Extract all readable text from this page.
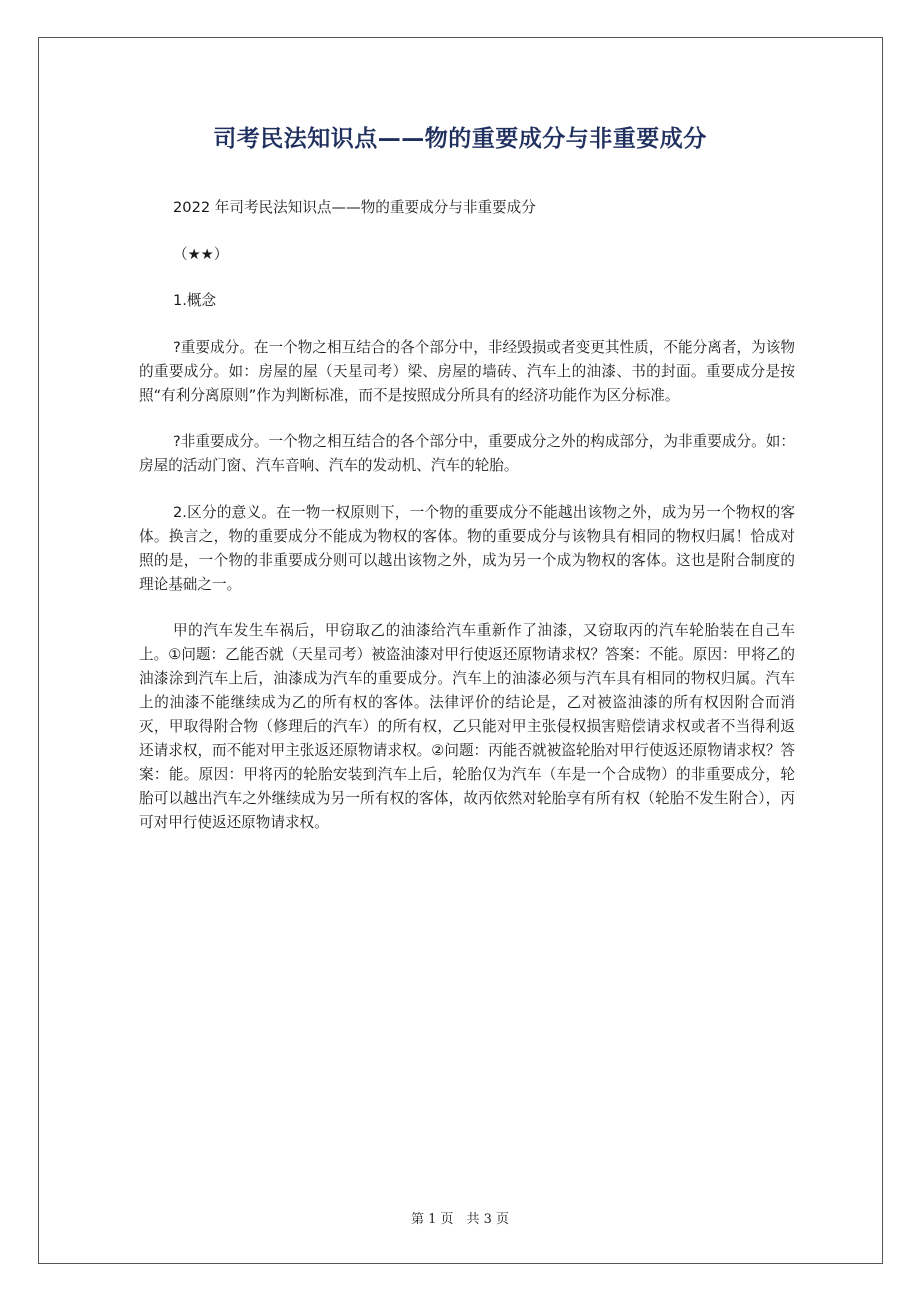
司考民法知识点——物的重要成分与非重要成分

2022 年司考民法知识点——物的重要成分与非重要成分

（★★）

1.概念

?重要成分。在一个物之相互结合的各个部分中，非经毁损或者变更其性质，不能分离者，为该物的重要成分。如：房屋的屋（天星司考）梁、房屋的墙砖、汽车上的油漆、书的封面。重要成分是按照“有利分离原则”作为判断标准，而不是按照成分所具有的经济功能作为区分标准。

?非重要成分。一个物之相互结合的各个部分中，重要成分之外的构成部分，为非重要成分。如：房屋的活动门窗、汽车音响、汽车的发动机、汽车的轮胎。

2.区分的意义。在一物一权原则下，一个物的重要成分不能越出该物之外，成为另一个物权的客体。换言之，物的重要成分不能成为物权的客体。物的重要成分与该物具有相同的物权归属！恰成对照的是，一个物的非重要成分则可以越出该物之外，成为另一个成为物权的客体。这也是附合制度的理论基础之一。

甲的汽车发生车祸后，甲窃取乙的油漆给汽车重新作了油漆，又窃取丙的汽车轮胎装在自己车上。①问题：乙能否就（天星司考）被盗油漆对甲行使返还原物请求权？答案：不能。原因：甲将乙的油漆涂到汽车上后，油漆成为汽车的重要成分。汽车上的油漆必须与汽车具有相同的物权归属。汽车上的油漆不能继续成为乙的所有权的客体。法律评价的结论是，乙对被盗油漆的所有权因附合而消灭，甲取得附合物（修理后的汽车）的所有权，乙只能对甲主张侵权损害赔偿请求权或者不当得利返还请求权，而不能对甲主张返还原物请求权。②问题：丙能否就被盗轮胎对甲行使返还原物请求权？答案：能。原因：甲将丙的轮胎安装到汽车上后，轮胎仅为汽车（车是一个合成物）的非重要成分，轮胎可以越出汽车之外继续成为另一所有权的客体，故丙依然对轮胎享有所有权（轮胎不发生附合），丙可对甲行使返还原物请求权。

第 1 页　共 3 页
